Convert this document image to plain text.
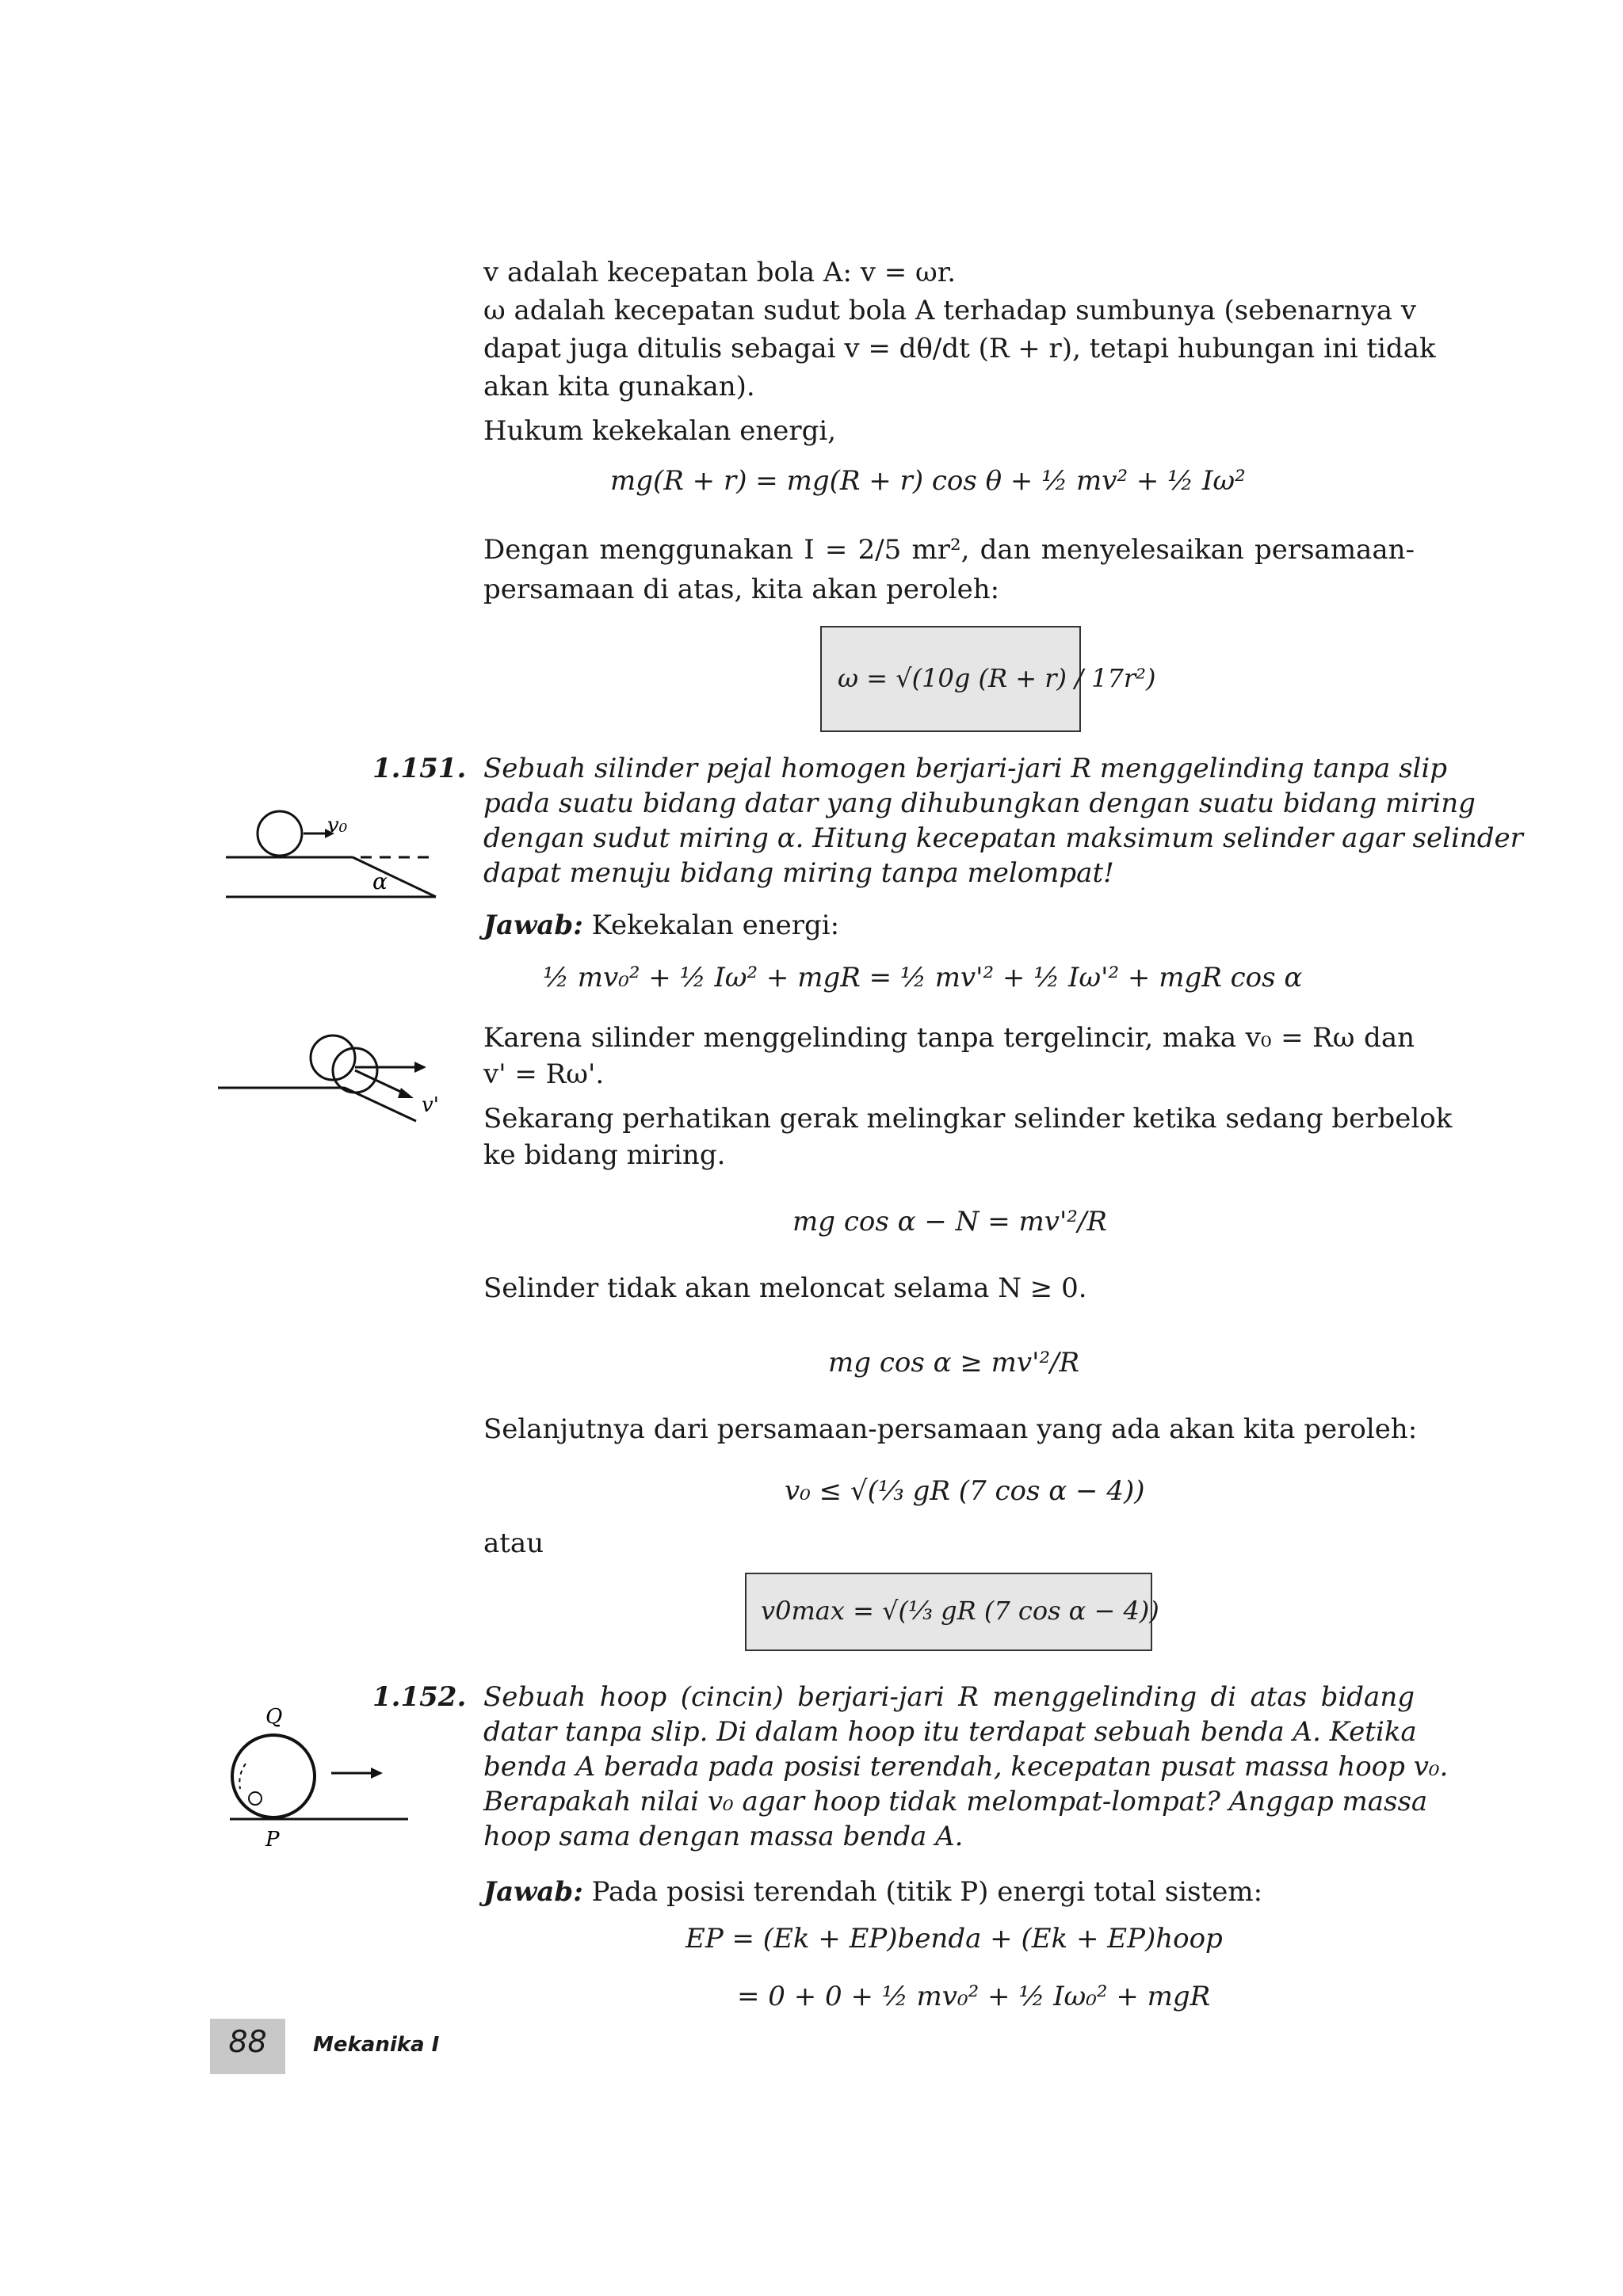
v adalah kecepatan bola A: v = ωr.
ω adalah kecepatan sudut bola A terhadap sumbunya (sebenarnya v
dapat juga ditulis sebagai v = dθ/dt (R + r), tetapi hubungan ini tidak
akan kita gunakan).
Hukum kekekalan energi,
mg(R + r) = mg(R + r) cos θ + ½ mv² + ½ Iω²
Dengan menggunakan I = 2/5 mr², dan menyelesaikan persamaan-
persamaan di atas, kita akan peroleh:
ω = √(10g (R + r) / 17r²)
1.151. Sebuah silinder pejal homogen berjari-jari R menggelinding tanpa slip
pada suatu bidang datar yang dihubungkan dengan suatu bidang miring
dengan sudut miring α. Hitung kecepatan maksimum selinder agar selinder
dapat menuju bidang miring tanpa melompat!
v₀
α
Jawab: Kekekalan energi:
½ mv₀² + ½ Iω² + mgR = ½ mv'² + ½ Iω'² + mgR cos α
v'
Karena silinder menggelinding tanpa tergelincir, maka v₀ = Rω dan
v' = Rω'.
Sekarang perhatikan gerak melingkar selinder ketika sedang berbelok
ke bidang miring.
mg cos α − N = mv'²/R
Selinder tidak akan meloncat selama N ≥ 0.
mg cos α ≥ mv'²/R
Selanjutnya dari persamaan-persamaan yang ada akan kita peroleh:
v₀ ≤ √(⅓ gR (7 cos α − 4))
atau
v0max = √(⅓ gR (7 cos α − 4))
1.152. Sebuah hoop (cincin) berjari-jari R menggelinding di atas bidang
datar tanpa slip. Di dalam hoop itu terdapat sebuah benda A. Ketika
benda A berada pada posisi terendah, kecepatan pusat massa hoop v₀.
Berapakah nilai v₀ agar hoop tidak melompat-lompat? Anggap massa
hoop sama dengan massa benda A.
Q
P
Jawab: Pada posisi terendah (titik P) energi total sistem:
EP = (Ek + EP)benda + (Ek + EP)hoop
= 0 + 0 + ½ mv₀² + ½ Iω₀² + mgR
88	Mekanika I
